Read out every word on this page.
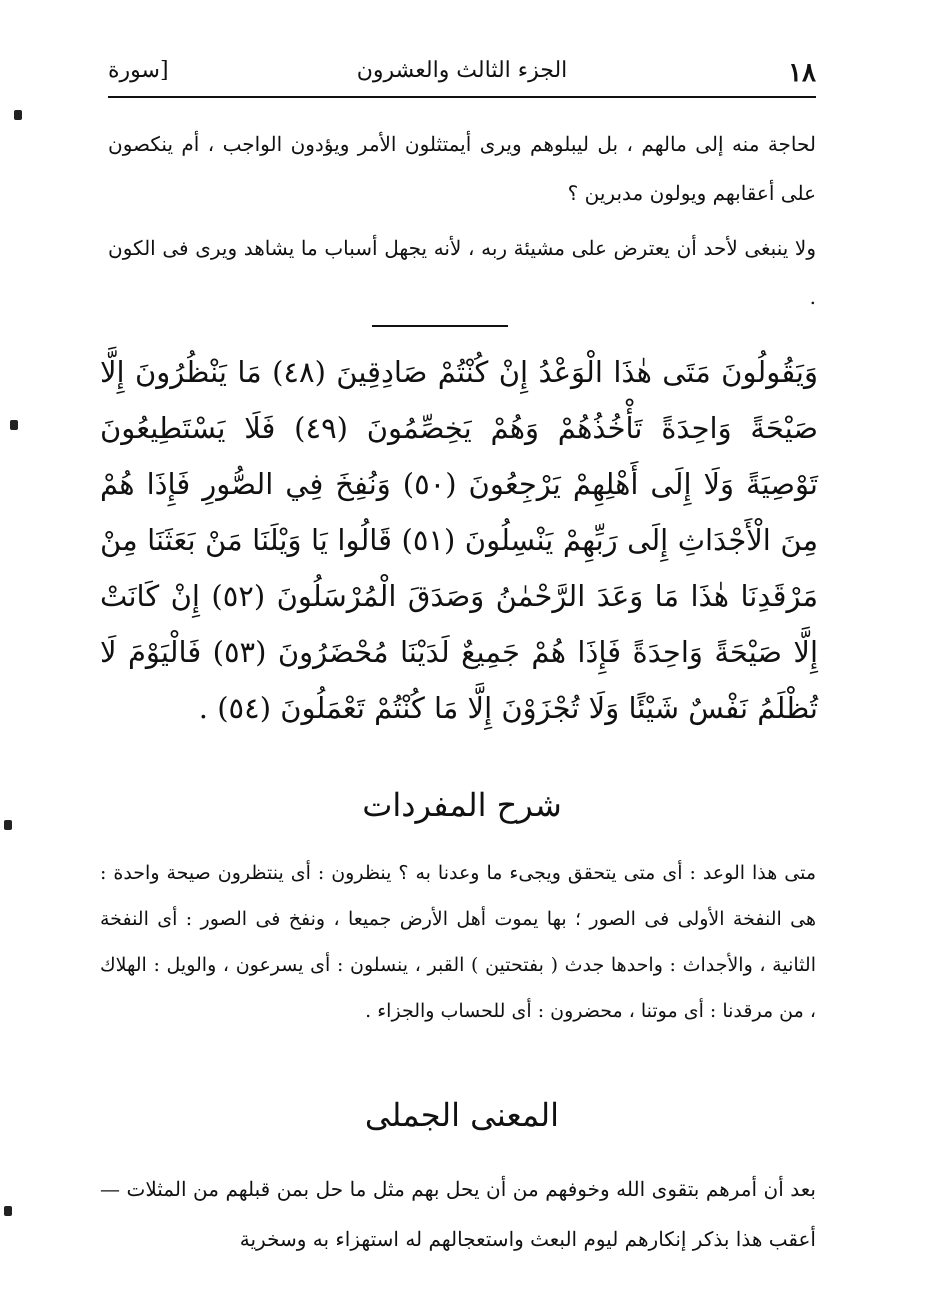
١٨
الجزء الثالث والعشرون
[سورة
لحاجة منه إلى مالهم ، بل ليبلوهم ويرى أيمتثلون الأمر ويؤدون الواجب ، أم ينكصون على أعقابهم ويولون مدبرين ؟
ولا ينبغى لأحد أن يعترض على مشيئة ربه ، لأنه يجهل أسباب ما يشاهد ويرى فى الكون .
وَيَقُولُونَ مَتَى هٰذَا الْوَعْدُ إِنْ كُنْتُمْ صَادِقِينَ (٤٨) مَا يَنْظُرُونَ إِلَّا صَيْحَةً وَاحِدَةً تَأْخُذُهُمْ وَهُمْ يَخِصِّمُونَ (٤٩) فَلَا يَسْتَطِيعُونَ تَوْصِيَةً وَلَا إِلَى أَهْلِهِمْ يَرْجِعُونَ (٥٠) وَنُفِخَ فِي الصُّورِ فَإِذَا هُمْ مِنَ الْأَجْدَاثِ إِلَى رَبِّهِمْ يَنْسِلُونَ (٥١) قَالُوا يَا وَيْلَنَا مَنْ بَعَثَنَا مِنْ مَرْقَدِنَا هٰذَا مَا وَعَدَ الرَّحْمٰنُ وَصَدَقَ الْمُرْسَلُونَ (٥٢) إِنْ كَانَتْ إِلَّا صَيْحَةً وَاحِدَةً فَإِذَا هُمْ جَمِيعٌ لَدَيْنَا مُحْضَرُونَ (٥٣) فَالْيَوْمَ لَا تُظْلَمُ نَفْسٌ شَيْئًا وَلَا تُجْزَوْنَ إِلَّا مَا كُنْتُمْ تَعْمَلُونَ (٥٤) .
شرح المفردات
متى هذا الوعد : أى متى يتحقق ويجىء ما وعدنا به ؟ ينظرون : أى ينتظرون صيحة واحدة : هى النفخة الأولى فى الصور ؛ بها يموت أهل الأرض جميعا ، ونفخ فى الصور : أى النفخة الثانية ، والأجداث : واحدها جدث ( بفتحتين ) القبر ، ينسلون : أى يسرعون ، والويل : الهلاك ، من مرقدنا : أى موتنا ، محضرون : أى للحساب والجزاء .
المعنى الجملى
بعد أن أمرهم بتقوى الله وخوفهم من أن يحل بهم مثل ما حل بمن قبلهم من المثلات — أعقب هذا بذكر إنكارهم ليوم البعث واستعجالهم له استهزاء به وسخرية
